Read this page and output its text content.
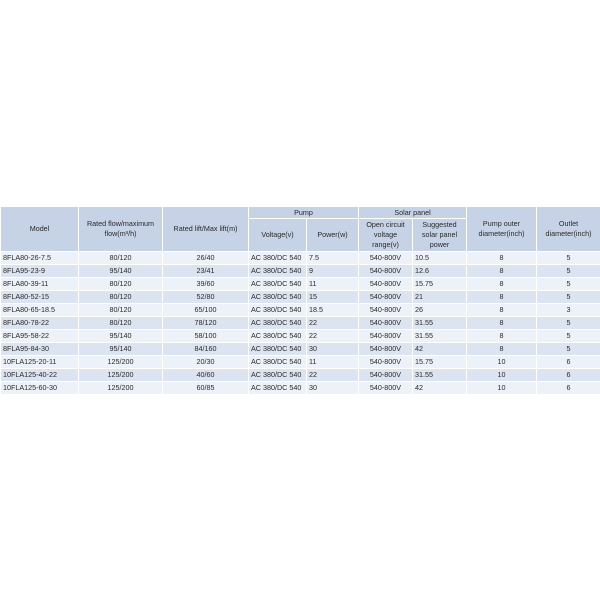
Model	Rated flow/maximum flow(m³/h)	Rated lift/Max lift(m)	Pump		Solar panel		Pump outer diameter(inch)	Outlet diameter(inch)
			Voltage(v)	Power(w)	Open circuit voltage range(v)	Suggested solar panel power		
8FLA80-26-7.5	80/120	26/40	AC 380/DC 540	7.5	540-800V	10.5	8	5
8FLA95-23-9	95/140	23/41	AC 380/DC 540	9	540-800V	12.6	8	5
8FLA80-39-11	80/120	39/60	AC 380/DC 540	11	540-800V	15.75	8	5
8FLA80-52-15	80/120	52/80	AC 380/DC 540	15	540-800V	21	8	5
8FLA80-65-18.5	80/120	65/100	AC 380/DC 540	18.5	540-800V	26	8	3
8FLA80-78-22	80/120	78/120	AC 380/DC 540	22	540-800V	31.55	8	5
8FLA95-58-22	95/140	58/100	AC 380/DC 540	22	540-800V	31.55	8	5
8FLA95-84-30	95/140	84/160	AC 380/DC 540	30	540-800V	42	8	5
10FLA125-20-11	125/200	20/30	AC 380/DC 540	11	540-800V	15.75	10	6
10FLA125-40-22	125/200	40/60	AC 380/DC 540	22	540-800V	31.55	10	6
10FLA125-60-30	125/200	60/85	AC 380/DC 540	30	540-800V	42	10	6
